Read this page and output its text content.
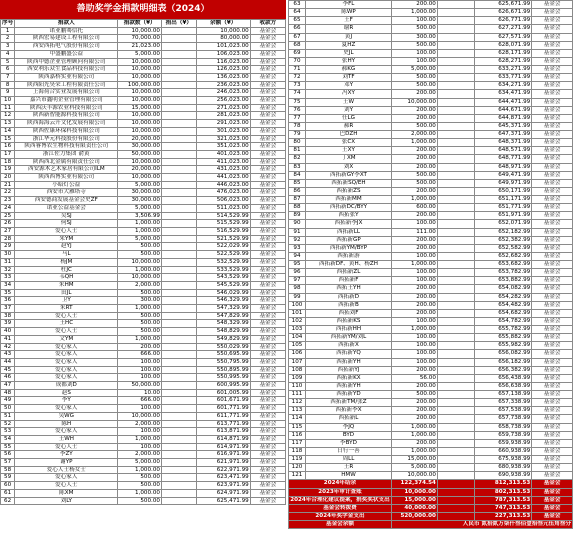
善助奖学金捐款明细表（2024）
序号	捐款人	捐款数（¥）	捐出（¥）	余额（¥）	收款方
1	诺亚鹏骞信托	10,000.00		10,000.00	基金会
2	陕西宏易建设工程有限公司	70,000.00		80,000.00	基金会
3	西安西拓电气股份有限公司	21,023.00		101,023.00	基金会
4	中盛鹏盛公益	5,000.00		106,023.00	基金会
5	陕西中德企业管理顾问有限公司	10,000.00		116,023.00	基金会
6	西安利乐众生食品科技有限公司	10,000.00		126,023.00	基金会
7	陕西嘉桥实业有限公司	10,000.00		136,023.00	基金会
8	陕西阳光昊荣工程有限责任公司	100,000.00		236,023.00	基金会
9	上海荷合实业发展有限公司	10,000.00		246,023.00	基金会
10	嘉兴市鑫明企业管理有限公司	10,000.00		256,023.00	基金会
11	陕西沃丰源农业科技有限公司	15,000.00		271,023.00	基金会
12	陕西新智能源科技有限公司	10,000.00		281,023.00	基金会
13	陕西海海云升文化发展有限公司	10,000.00		291,023.00	基金会
14	陕西佐康环保科技有限公司	10,000.00		301,023.00	基金会
15	浙江华元科技股份有限公司	20,000.00		321,023.00	基金会
16	陕西睿博农生物科技有限责任公司	30,000.00		351,023.00	基金会
17	浙江佐力集团 俞黄	50,000.00		401,023.00	基金会
18	陕西西北金属有限责任公司	10,000.00		411,023.00	基金会
19	西安源木艺术家居有限公司ILM	20,000.00		431,023.00	基金会
20	陕西西博实业有限公司	10,000.00		441,023.00	基金会
21	小暗灯公益	5,000.00		446,023.00	基金会
22	西安市大雁塔寺	30,000.00		476,023.00	基金会
23	西安德商发展基金会史ZF	30,000.00		506,023.00	基金会
24	诺亚公益基金会	5,000.00		511,023.00	基金会
25	吴SJ	3,506.99		514,529.99	基金会
26	何SJ	1,000.00		515,529.99	基金会
27	爱心人士	1,000.00		516,529.99	基金会
28	朱YM	5,000.00		521,529.99	基金会
29	赵YJ	500.00		522,029.99	基金会
30	马L	500.00		522,529.99	基金会
31	杨JM	10,000.00		532,529.99	基金会
32	杜JC	1,000.00		533,529.99	基金会
33	韦QH	10,000.00		543,529.99	基金会
34	朱HM	2,000.00		545,529.99	基金会
35	田JL	500.00		546,029.99	基金会
36	卫Y	300.00		546,329.99	基金会
37	朱RT	1,000.00		547,329.99	基金会
38	爱心人士	500.00		547,829.99	基金会
39	王HC	500.00		548,329.99	基金会
40	爱心人士	500.00		548,829.99	基金会
41	文YM	1,000.00		549,829.99	基金会
42	爱心家人	200.00		550,029.99	基金会
43	爱心家人	666.00		550,695.99	基金会
44	爱心家人	100.00		550,795.99	基金会
45	爱心家人	100.00		550,895.99	基金会
46	爱心家人	100.00		550,995.99	基金会
47	成都刘D	50,000.00		600,995.99	基金会
48	赵S	10.00		601,005.99	基金会
49	李Y	666.00		601,671.99	基金会
50	爱心家人	100.00		601,771.99	基金会
51	吴WG	10,000.00		611,771.99	基金会
52	陈H	2,000.00		613,771.99	基金会
53	爱心家人	100.00		613,871.99	基金会
54	王WH	1,000.00		614,871.99	基金会
55	爱心人士	100.00		614,971.99	基金会
56	李ZY	2,000.00		616,971.99	基金会
57	谢YP	5,000.00		621,971.99	基金会
58	爱心人士杨女士	1,000.00		622,971.99	基金会
59	爱心家人	500.00		623,471.99	基金会
60	爱心人士	500.00		623,971.99	基金会
61	陈XM	1,000.00		624,971.99	基金会
62	刘LY	500.00		625,471.99	基金会
63	李FL	200.00		625,671.99	基金会
64	陈WP	1,000.00		626,671.99	基金会
65	王F	100.00		626,771.99	基金会
66	谢R	500.00		627,271.99	基金会
67	黄J	300.00		627,571.99	基金会
68	夏HZ	500.00		628,071.99	基金会
69	史JL	100.00		628,171.99	基金会
70	张HY	100.00		628,271.99	基金会
71	郝KG	5,000.00		633,271.99	基金会
72	刘TF	500.00		633,771.99	基金会
73	邓Y	500.00		634,271.99	基金会
74	冯XY	200.00		634,471.99	基金会
75	王W	10,000.00		644,471.99	基金会
76	刘Y	200.00		644,671.99	基金会
77	任LG	200.00		644,871.99	基金会
78	郝R	500.00		645,371.99	基金会
79	巴DZH	2,000.00		647,371.99	基金会
80	张CX	1,000.00		648,371.99	基金会
81	王XY	200.00		648,571.99	基金会
82	丁XM	200.00		648,771.99	基金会
83	刘X	200.00		648,971.99	基金会
84	西拓新GY李XT	500.00		649,471.99	基金会
85	西拓新SQ/EH	500.00		649,971.99	基金会
86	西拓新ZS	200.00		650,171.99	基金会
87	西拓新MM	1,000.00		651,171.99	基金会
88	西拓新DC/BYY	600.00		651,771.99	基金会
89	西拓张Y	200.00		651,971.99	基金会
90	西拓新李JX	100.00		652,071.99	基金会
91	西拓新LL	111.00		652,182.99	基金会
92	西拓新GP	200.00		652,382.99	基金会
93	西拓新YM/BYP	200.00		652,582.99	基金会
94	西拓新游	100.00		652,682.99	基金会
95	西拓新DF、黄H、杨ZH	1,000.00		653,682.99	基金会
96	西拓新ZL	100.00		653,782.99	基金会
97	西拓新F	100.00		653,882.99	基金会
98	西拓王YH	200.00		654,082.99	基金会
99	西拓新D	200.00		654,282.99	基金会
100	西拓新B	200.00		654,482.99	基金会
101	西拓刘F	200.00		654,682.99	基金会
102	西拓新KS	100.00		654,782.99	基金会
103	西拓新HH	1,000.00		655,782.99	基金会
104	西拓新YM/刘L	100.00		655,882.99	基金会
105	西拓新X	100.00		655,982.99	基金会
106	西拓新YQ	100.00		656,082.99	基金会
107	西拓新YH	100.00		656,182.99	基金会
108	西拓新YJ	200.00		656,382.99	基金会
109	西拓新KX	56.00		656,438.99	基金会
110	西拓新YH	200.00		656,638.99	基金会
111	西拓新YD	500.00		657,138.99	基金会
112	西拓新TM/张Z	200.00		657,338.99	基金会
113	西拓新李X	200.00		657,538.99	基金会
114	西拓新L	200.00		657,738.99	基金会
115	李JQ	1,000.00		658,738.99	基金会
116	BYD	1,000.00		659,738.99	基金会
117	李BYD	200.00		659,938.99	基金会
118	日行一善	1,000.00		660,938.99	基金会
119	周LL	15,000.00		675,938.99	基金会
120	王R	5,000.00		680,938.99	基金会
121	HMW	10,000.00		690,938.99	基金会
2024年结余		122,374.54		812,313.53	基金会
2023年审计查账		10,000.00		802,313.53	基金会
2024年合理化建议提案，捐奖奖状支出		15,000.00		787,313.53	基金会
基金会转拨费		40,000.00		747,313.53	基金会
2024年奖学金支出		520,000.00		227,313.53	基金会
基金会余额		人民币 贰拾贰万柒仟叁佰壹拾叁元伍角叁分			
